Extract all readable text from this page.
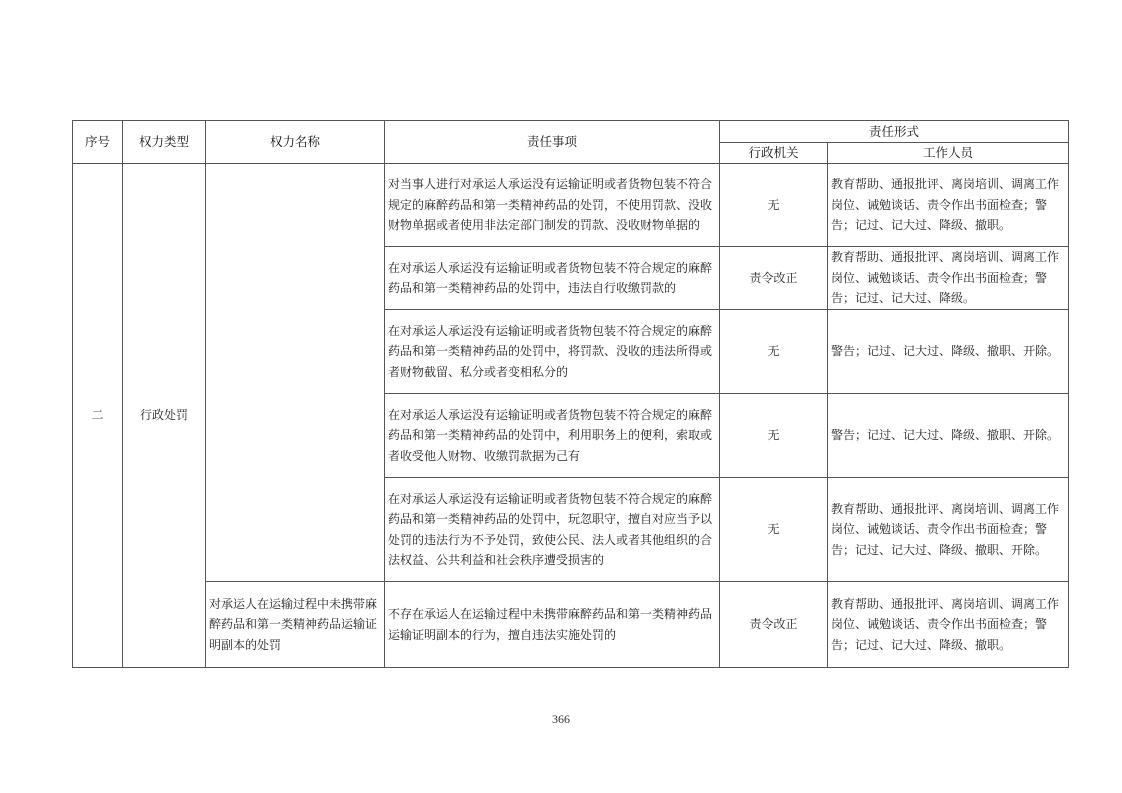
序号	权力类型	权力名称	责任事项	责任形式	
				行政机关	工作人员
二	行政处罚		对当事人进行对承运人承运没有运输证明或者货物包装不符合规定的麻醉药品和第一类精神药品的处罚，不使用罚款、没收财物单据或者使用非法定部门制发的罚款、没收财物单据的	无	教育帮助、通报批评、离岗培训、调离工作岗位、诫勉谈话、责令作出书面检查；警告；记过、记大过、降级、撤职。
			在对承运人承运没有运输证明或者货物包装不符合规定的麻醉药品和第一类精神药品的处罚中，违法自行收缴罚款的	责令改正	教育帮助、通报批评、离岗培训、调离工作岗位、诫勉谈话、责令作出书面检查；警告；记过、记大过、降级。
			在对承运人承运没有运输证明或者货物包装不符合规定的麻醉药品和第一类精神药品的处罚中，将罚款、没收的违法所得或者财物截留、私分或者变相私分的	无	警告；记过、记大过、降级、撤职、开除。
			在对承运人承运没有运输证明或者货物包装不符合规定的麻醉药品和第一类精神药品的处罚中，利用职务上的便利，索取或者收受他人财物、收缴罚款据为己有	无	警告；记过、记大过、降级、撤职、开除。
			在对承运人承运没有运输证明或者货物包装不符合规定的麻醉药品和第一类精神药品的处罚中，玩忽职守，擅自对应当予以处罚的违法行为不予处罚，致使公民、法人或者其他组织的合法权益、公共利益和社会秩序遭受损害的	无	教育帮助、通报批评、离岗培训、调离工作岗位、诫勉谈话、责令作出书面检查；警告；记过、记大过、降级、撤职、开除。
		对承运人在运输过程中未携带麻醉药品和第一类精神药品运输证明副本的处罚	不存在承运人在运输过程中未携带麻醉药品和第一类精神药品运输证明副本的行为，擅自违法实施处罚的	责令改正	教育帮助、通报批评、离岗培训、调离工作岗位、诫勉谈话、责令作出书面检查；警告；记过、记大过、降级、撤职。
366
